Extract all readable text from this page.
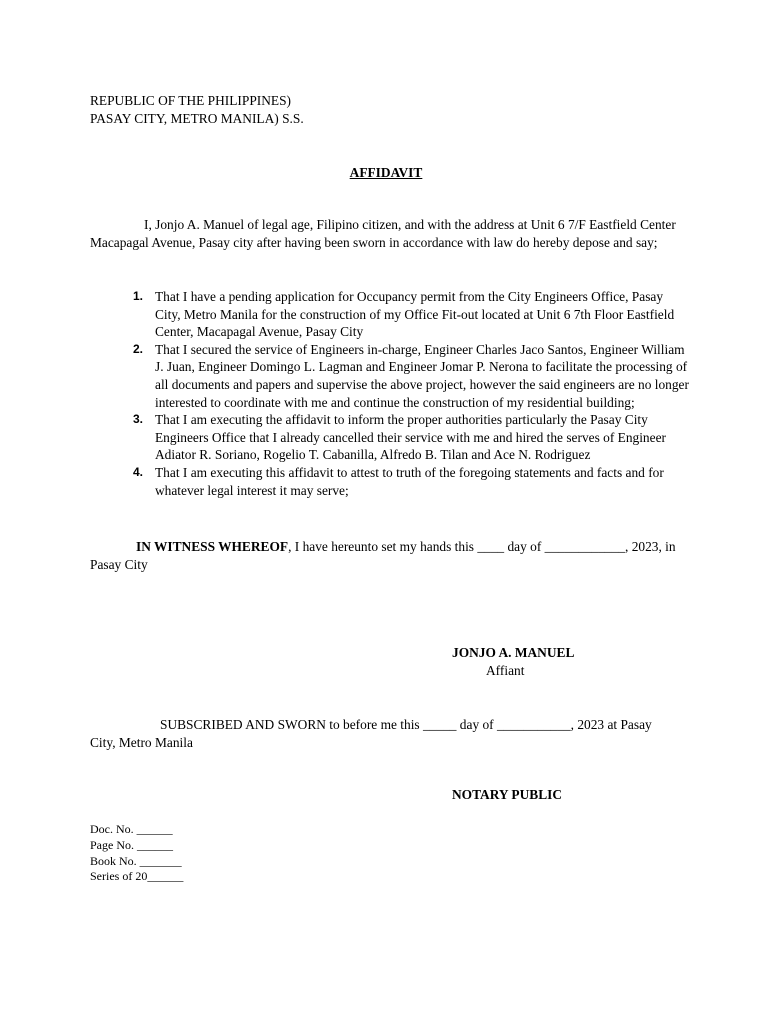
REPUBLIC OF THE PHILIPPINES)
PASAY CITY, METRO MANILA) S.S.
AFFIDAVIT

I, Jonjo A. Manuel of legal age, Filipino citizen, and with the address at Unit 6 7/F Eastfield Center Macapagal Avenue, Pasay city after having been sworn in accordance with law do hereby depose and say;

1. That I have a pending application for Occupancy permit from the City Engineers Office, Pasay City, Metro Manila for the construction of my Office Fit-out located at Unit 6 7th Floor Eastfield Center, Macapagal Avenue, Pasay City
2. That I secured the service of Engineers in-charge, Engineer Charles Jaco Santos, Engineer William J. Juan, Engineer Domingo L. Lagman and Engineer Jomar P. Nerona to facilitate the processing of all documents and papers and supervise the above project, however the said engineers are no longer interested to coordinate with me and continue the construction of my residential building;
3. That I am executing the affidavit to inform the proper authorities particularly the Pasay City Engineers Office that I already cancelled their service with me and hired the serves of Engineer Adiator R. Soriano, Rogelio T. Cabanilla, Alfredo B. Tilan and Ace N. Rodriguez
4. That I am executing this affidavit to attest to truth of the foregoing statements and facts and for whatever legal interest it may serve;

IN WITNESS WHEREOF, I have hereunto set my hands this ____ day of ____________, 2023, in Pasay City

JONJO A. MANUEL
Affiant

SUBSCRIBED AND SWORN to before me this _____ day of ___________, 2023 at Pasay City, Metro Manila

NOTARY PUBLIC
Doc. No. ______
Page No. ______
Book No. _______
Series of 20______
